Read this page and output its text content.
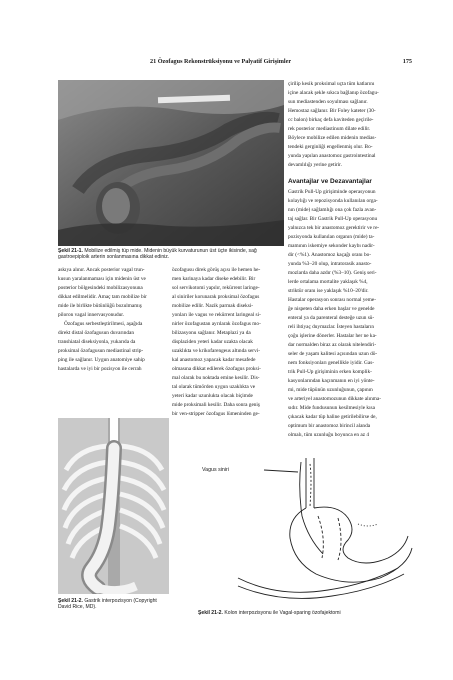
21 Özofagus Rekonstrüksiyonu ve Palyatif Girişimler	175
Şekil 21-1. Mobilize edilmiş tüp mide. Midenin büyük kurvaturunun üst üçte ikisinde, sağ gastroepiploik arterin sonlanmasına dikkat ediniz.
çirilip kesik proksimal uçta tüm katlarını
içine alacak şekle sıkıca bağlanıp özofagu-
sun mediastenden soyulması sağlanır.
Hemostaz sağlanır. Bir Foley kateter (30-
cc balon) birkaç defa kaviteden geçirile-
rek posterior mediastinum dilate edilir.
Böylece mobilize edilen midenin medias-
tendeki gerginliği engellenmiş olur. Bo-
yunda yapılan anastomoz gastrointestinal
devamlılığı yerine getirir.
Avantajlar ve Dezavantajlar
Gastrik Pull-Up girişiminde operasyonun
kolaylığı ve repozisyonda kullanılan orga-
nın (mide) sağlamlığı ona çok fazla avan-
taj sağlar. Bir Gastrik Pull-Up operasyonu
yalnızca tek bir anastomoz gerektirir ve re-
pozisyonda kullanılan organın (mide) ta-
mamının iskemiye sekonder kaybı nadir-
dir (<%1). Anastomoz kaçağı oranı bo-
yunda %3–20 olup, intratorasik anasto-
mozlarda daha azdır (%3–10). Geniş seri-
lerde ortalama mortalite yaklaşık %4,
striktür oranı ise yaklaşık %10–20'dir.
Hastalar operasyon sonrası normal yeme-
ğe nispeten daha erken başlar ve genelde
enteral ya da parenteral desteğe uzun sü-
reli ihtiyaç duymazlar. İsteyen hastaların
çoğu işlerine dönerler. Hastalar her ne ka-
dar normalden biraz az olarak nitelendiri-
seler de yaşam kalitesi açısından uzun dö-
nem fonksiyonları genellikle iyidir. Gas-
trik Pull-Up girişiminin erken komplik-
kasyonlarından kaçınmanın en iyi yönte-
mi, mide tüpünün uzunluğunun, çapının
ve arteriyel anastomozunun dikkate alınma-
sıdır. Mide fundusunun kesilmesiyle kısa
çıkacak kadar tüp haline getirilebilirse de,
optimum bir anastomoz birincil alanda
olmalı, tüm uzunluğu boyunca en az 4
askıya alınır. Ancak posterior vagal trun-
kusun yaralanmaması için midenin üst ve
posterior bölgesindeki mobilizasyonuna
dikkat edilmelidir. Amaç tam mobilize bir
mide ile birlikte bütünlüğü bozulmamış
piloron vagal innervasyonudur.
Özofagus serbestleştirilmesi, aşağıda
direkt distal özofagusun duvarından
transhiatal diseksiyonla, yukarıda da
proksimal özofagusun mediastinal strip-
ping ile sağlanır. Uygun anatomiye sahip
hastalarda ve iyi bir pozisyon ile cerrah
özofagusu direk görüş açısı ile hemen he-
men karinaya kadar diseke edebilir. Bir
sol servikotomi yapılır, rekürrent laringe-
al siniriler korunarak proksimal özofagus
mobilize edilir. Nazik parmak diseksi-
yonları ile vagus ve rekürrent laringeal si-
nirler özofagustan ayrılarak özofagus mo-
bilizasyonu sağlanır. Metaplazi ya da
displaziden yeteri kadar uzakta olacak
uzaklıkta ve krikofarengeus altında servi-
kal anastomoz yapacak kadar mesafede
olmasına dikkat edilerek özofagus proksi-
mal olarak bu noktada emine kesilir. Dis-
tal olarak tümörden uygun uzaklıkta ve
yeteri kadar uzunlukta olacak biçimde
mide proksimali kesilir. Daha sonra geniş
bir ven-stripper özofagus lümeninden ge-
Şekil 21-2. Gastrik interpozisyon (Copyright David Rice, MD).
Vagus siniri
Şekil 21-2. Kolon interpozisyonu ile Vagal-sparing özofajektomi
